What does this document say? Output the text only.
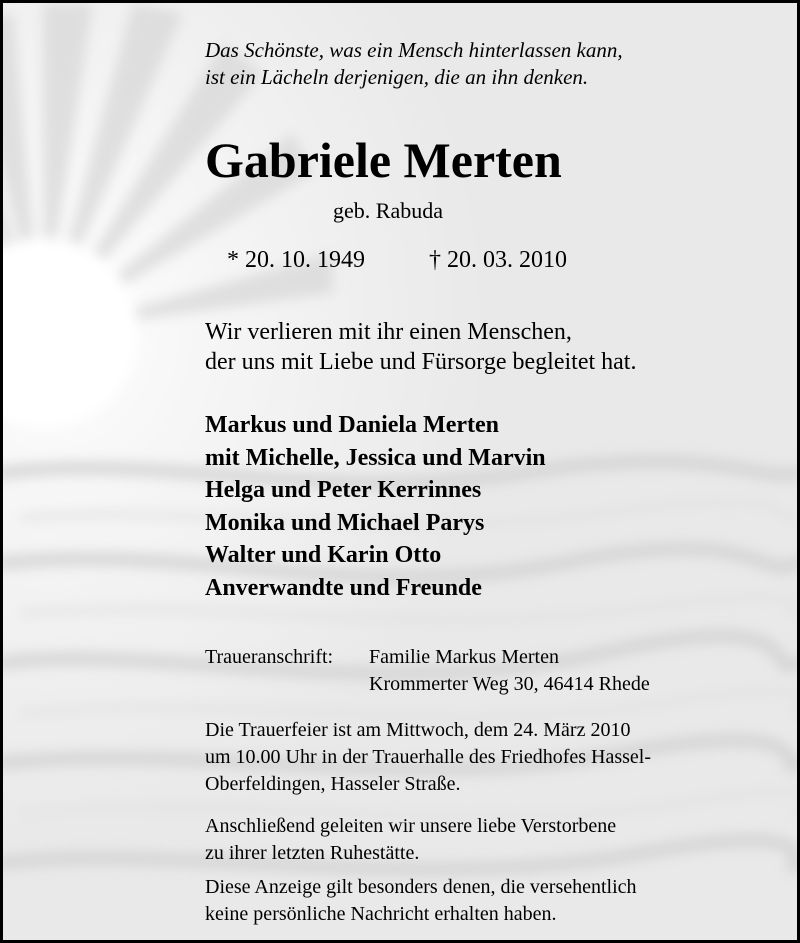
Das Schönste, was ein Mensch hinterlassen kann,
ist ein Lächeln derjenigen, die an ihn denken.

Gabriele Merten

geb. Rabuda

* 20. 10. 1949	† 20. 03. 2010

Wir verlieren mit ihr einen Menschen,
der uns mit Liebe und Fürsorge begleitet hat.

Markus und Daniela Merten
mit Michelle, Jessica und Marvin
Helga und Peter Kerrinnes
Monika und Michael Parys
Walter und Karin Otto
Anverwandte und Freunde

Traueranschrift: Familie Markus Merten

Krommerter Weg 30, 46414 Rhede

Die Trauerfeier ist am Mittwoch, dem 24. März 2010
um 10.00 Uhr in der Trauerhalle des Friedhofes Hassel-
Oberfeldingen, Hasseler Straße.

Anschließend geleiten wir unsere liebe Verstorbene
zu ihrer letzten Ruhestätte.

Diese Anzeige gilt besonders denen, die versehentlich
keine persönliche Nachricht erhalten haben.
